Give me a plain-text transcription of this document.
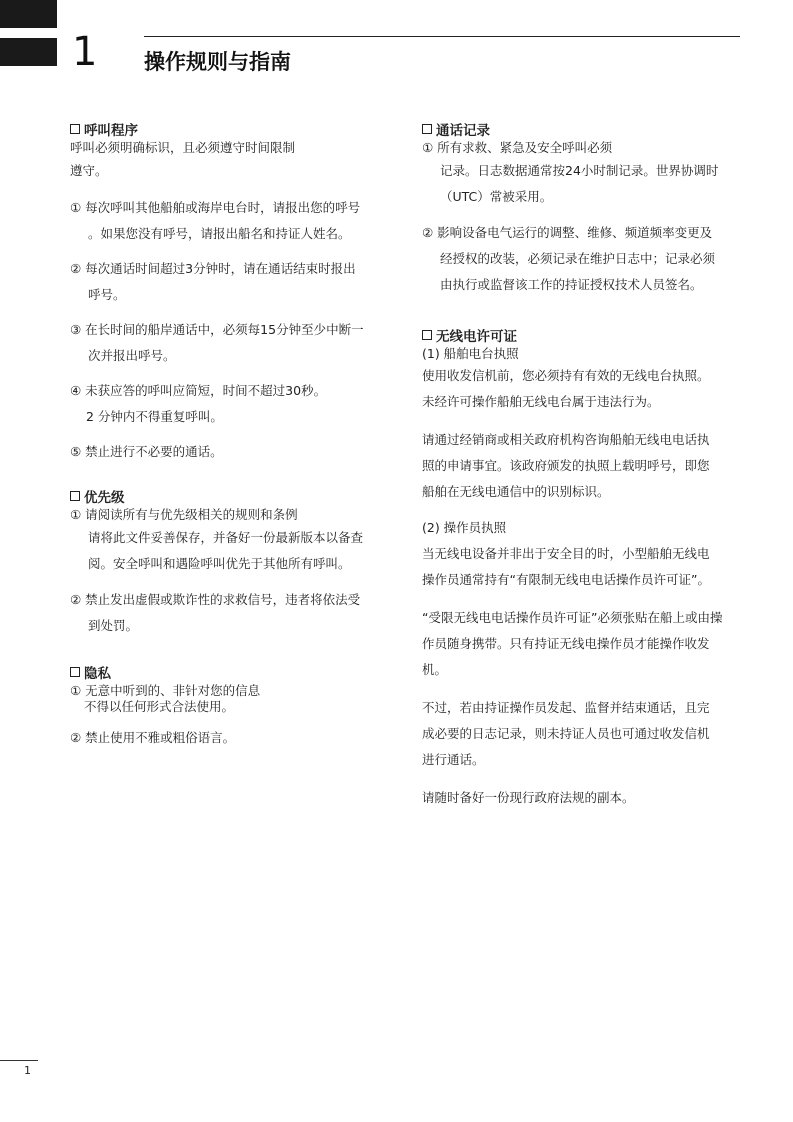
1 操作规则与指南
呼叫程序
呼叫必须明确标识，且必须遵守时间限制
遵守。
① 每次呼叫其他船舶或海岸电台时，请报出您的呼号
。如果您没有呼号，请报出船名和持证人姓名。
② 每次通话时间超过3分钟时，请在通话结束时报出
呼号。
③ 在长时间的船岸通话中，必须每15分钟至少中断一
次并报出呼号。
④ 未获应答的呼叫应简短，时间不超过30秒。
2 分钟内不得重复呼叫。
⑤ 禁止进行不必要的通话。
优先级
① 请阅读所有与优先级相关的规则和条例
请将此文件妥善保存，并备好一份最新版本以备查
阅。安全呼叫和遇险呼叫优先于其他所有呼叫。
② 禁止发出虚假或欺诈性的求救信号，违者将依法受
到处罚。
隐私
① 无意中听到的、非针对您的信息
不得以任何形式合法使用。
② 禁止使用不雅或粗俗语言。
通话记录
① 所有求救、紧急及安全呼叫必须
记录。日志数据通常按24小时制记录。世界协调时
（UTC）常被采用。
② 影响设备电气运行的调整、维修、频道频率变更及
经授权的改装，必须记录在维护日志中；记录必须
由执行或监督该工作的持证授权技术人员签名。
无线电许可证
(1) 船舶电台执照
使用收发信机前，您必须持有有效的无线电台执照。
未经许可操作船舶无线电台属于违法行为。
请通过经销商或相关政府机构咨询船舶无线电电话执
照的申请事宜。该政府颁发的执照上载明呼号，即您
船舶在无线电通信中的识别标识。
(2) 操作员执照
当无线电设备并非出于安全目的时，小型船舶无线电
操作员通常持有“有限制无线电电话操作员许可证”。
“受限无线电电话操作员许可证”必须张贴在船上或由操
作员随身携带。只有持证无线电操作员才能操作收发
机。
不过，若由持证操作员发起、监督并结束通话，且完
成必要的日志记录，则未持证人员也可通过收发信机
进行通话。
请随时备好一份现行政府法规的副本。
1
